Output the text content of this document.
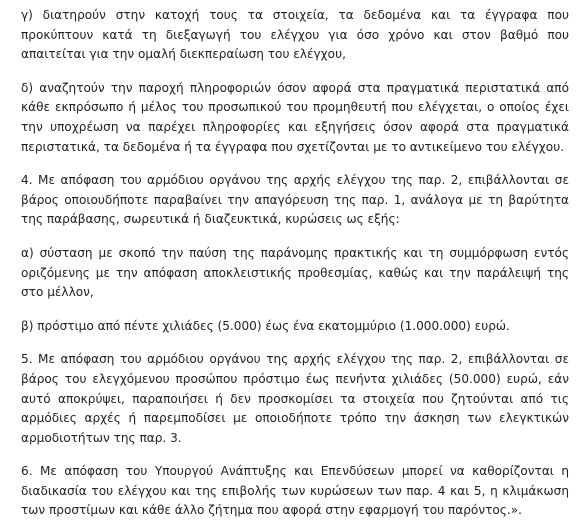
γ) διατηρούν στην κατοχή τους τα στοιχεία, τα δεδομένα και τα έγγραφα που προκύπτουν κατά τη διεξαγωγή του ελέγχου για όσο χρόνο και στον βαθμό που απαιτείται για την ομαλή διεκπεραίωση του ελέγχου,

δ) αναζητούν την παροχή πληροφοριών όσον αφορά στα πραγματικά περιστατικά από κάθε εκπρόσωπο ή μέλος του προσωπικού του προμηθευτή που ελέγχεται, ο οποίος έχει την υποχρέωση να παρέχει πληροφορίες και εξηγήσεις όσον αφορά στα πραγματικά περιστατικά, τα δεδομένα ή τα έγγραφα που σχετίζονται με το αντικείμενο του ελέγχου.

4. Με απόφαση του αρμόδιου οργάνου της αρχής ελέγχου της παρ. 2, επιβάλλονται σε βάρος οποιουδήποτε παραβαίνει την απαγόρευση της παρ. 1, ανάλογα με τη βαρύτητα της παράβασης, σωρευτικά ή διαζευκτικά, κυρώσεις ως εξής:

α) σύσταση με σκοπό την παύση της παράνομης πρακτικής και τη συμμόρφωση εντός οριζόμενης με την απόφαση αποκλειστικής προθεσμίας, καθώς και την παράλειψή της στο μέλλον,

β) πρόστιμο από πέντε χιλιάδες (5.000) έως ένα εκατομμύριο (1.000.000) ευρώ.

5. Με απόφαση του αρμόδιου οργάνου της αρχής ελέγχου της παρ. 2, επιβάλλονται σε βάρος του ελεγχόμενου προσώπου πρόστιμο έως πενήντα χιλιάδες (50.000) ευρώ, εάν αυτό αποκρύψει, παραποιήσει ή δεν προσκομίσει τα στοιχεία που ζητούνται από τις αρμόδιες αρχές ή παρεμποδίσει με οποιοδήποτε τρόπο την άσκηση των ελεγκτικών αρμοδιοτήτων της παρ. 3.

6. Με απόφαση του Υπουργού Ανάπτυξης και Επενδύσεων μπορεί να καθορίζονται η διαδικασία του ελέγχου και της επιβολής των κυρώσεων των παρ. 4 και 5, η κλιμάκωση των προστίμων και κάθε άλλο ζήτημα που αφορά στην εφαρμογή του παρόντος.».
